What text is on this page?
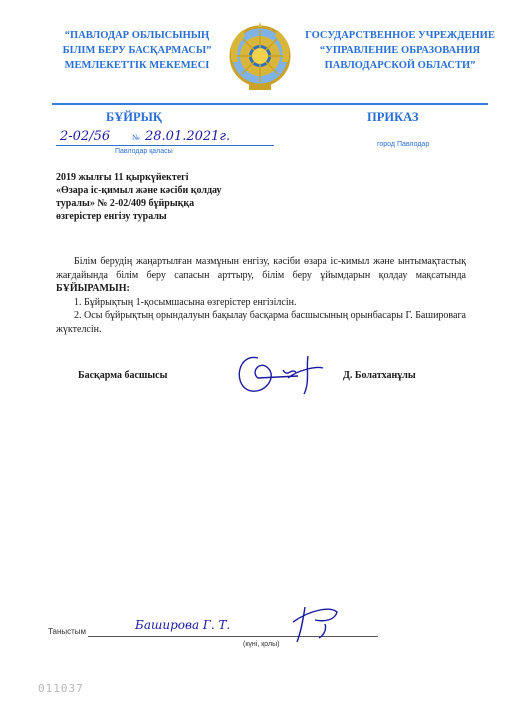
“ПАВЛОДАР ОБЛЫСЫНЫҢ
БІЛІМ БЕРУ БАСҚАРМАСЫ”
МЕМЛЕКЕТТІК МЕКЕМЕСІ
ГОСУДАРСТВЕННОЕ УЧРЕЖДЕНИЕ
“УПРАВЛЕНИЕ ОБРАЗОВАНИЯ
ПАВЛОДАРСКОЙ ОБЛАСТИ”
БҰЙРЫҚ	ПРИКАЗ
2-02/56	№ 28.01.2021г.
Павлодар қаласы
город Павлодар
2019 жылғы 11 қыркүйектегі
«Өзара іс-қимыл және кәсіби қолдау
туралы» № 2-02/409 бұйрыққа
өзгерістер енгізу туралы

Білім берудің жаңартылған мазмұнын енгізу, кәсіби өзара іс-кимыл және ынтымақтастық жағдайында білім беру сапасын арттыру, білім беру ұйымдарын қолдау мақсатында БҰЙЫРАМЫН:

1. Бұйрықтың 1-қосымшасына өзгерістер енгізілсін.

2. Осы бұйрықтың орындалуын бақылау басқарма басшысының орынбасары Г. Башировага жүктелсін.

Басқарма басшысы	Д. Болатханұлы
Таныстым	Баширова Г. Т.
(күні, қолы)
011037
